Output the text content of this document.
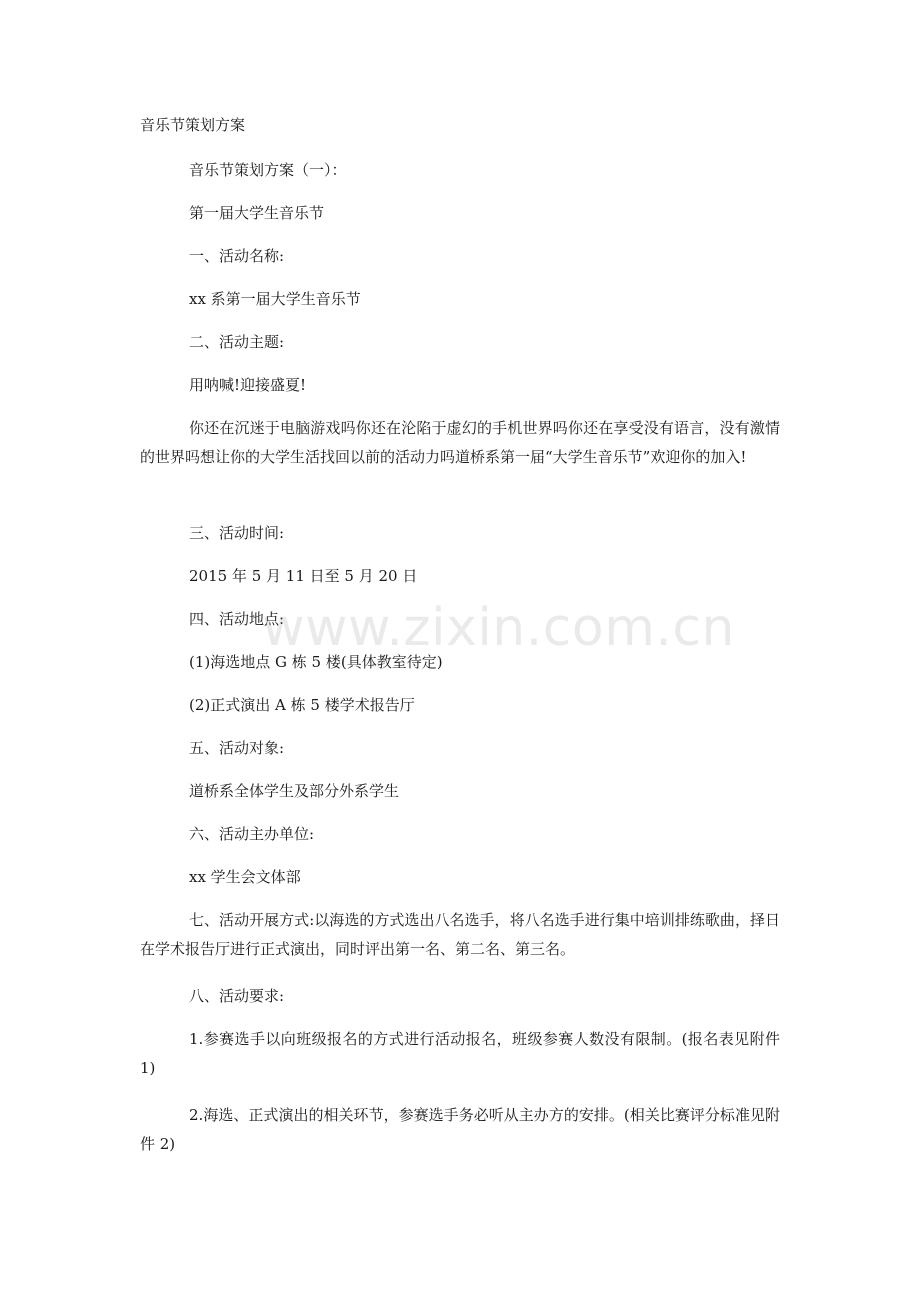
音乐节策划方案

音乐节策划方案（一）：

第一届大学生音乐节

一、活动名称:

xx 系第一届大学生音乐节

二、活动主题:

用呐喊!迎接盛夏!

你还在沉迷于电脑游戏吗你还在沦陷于虚幻的手机世界吗你还在享受没有语言，没有激情的世界吗想让你的大学生活找回以前的活动力吗道桥系第一届“大学生音乐节”欢迎你的加入!

三、活动时间:

2015 年 5 月 11 日至 5 月 20 日

四、活动地点:

(1)海选地点 G 栋 5 楼(具体教室待定)

(2)正式演出 A 栋 5 楼学术报告厅

五、活动对象:

道桥系全体学生及部分外系学生

六、活动主办单位:

xx 学生会文体部

七、活动开展方式:以海选的方式选出八名选手，将八名选手进行集中培训排练歌曲，择日在学术报告厅进行正式演出，同时评出第一名、第二名、第三名。

八、活动要求:

1.参赛选手以向班级报名的方式进行活动报名，班级参赛人数没有限制。(报名表见附件 1)

2.海选、正式演出的相关环节，参赛选手务必听从主办方的安排。(相关比赛评分标准见附件 2)

www.zixin.com.cn
